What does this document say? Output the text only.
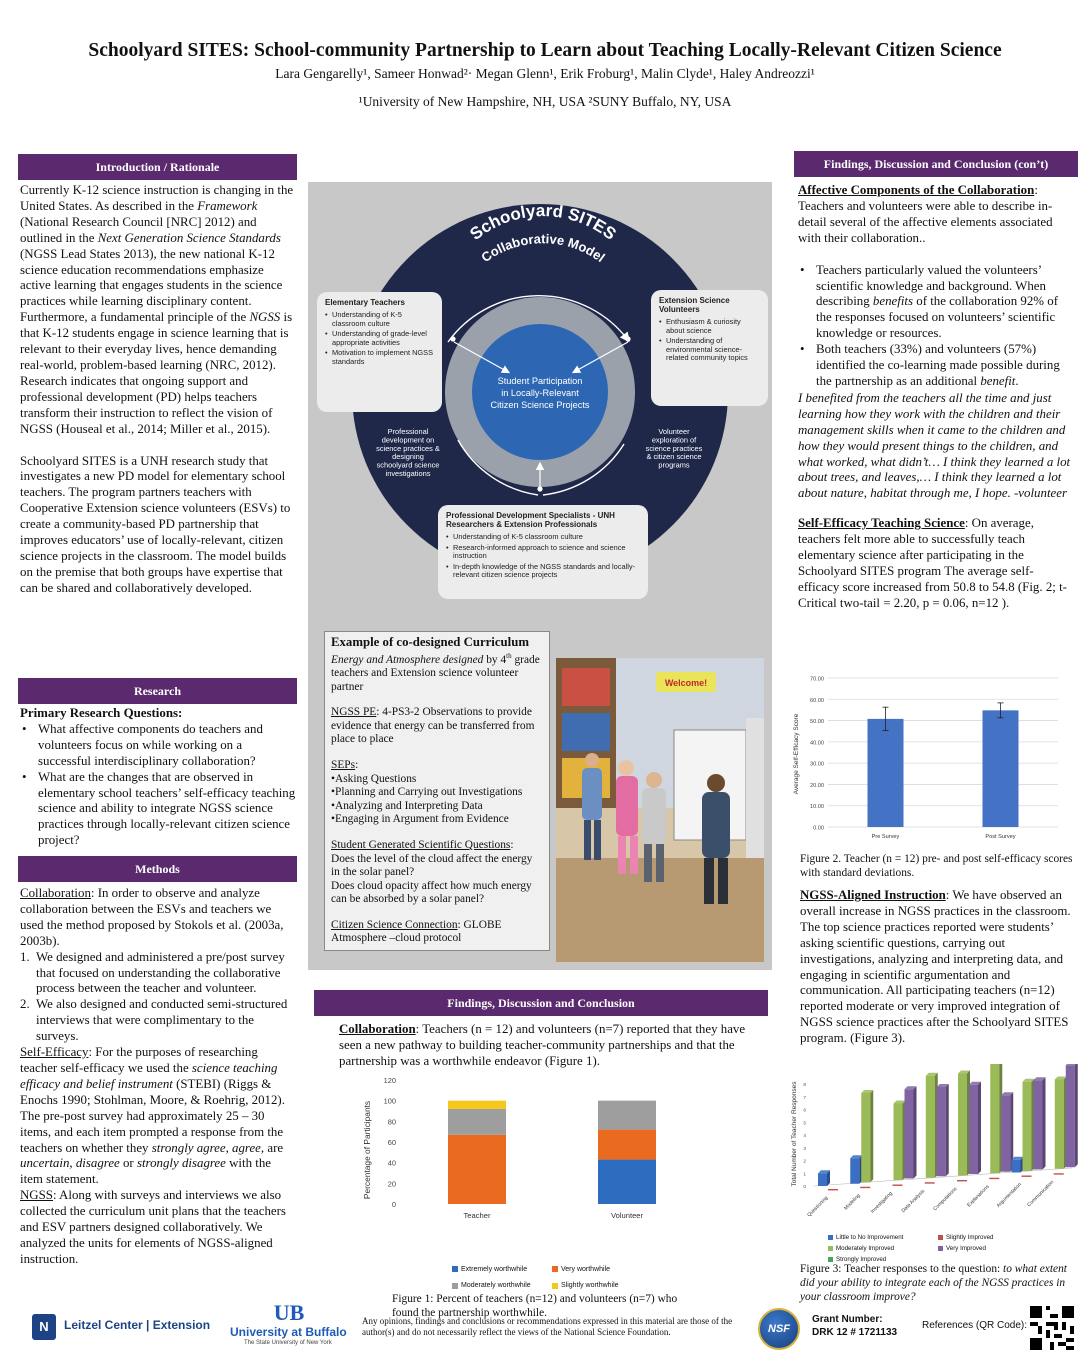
Schoolyard SITES: School-community Partnership to Learn about Teaching Locally-Relevant Citizen Science
Lara Gengarelly¹, Sameer Honwad²· Megan Glenn¹, Erik Froburg¹, Malin Clyde¹, Haley Andreozzi¹
¹University of New Hampshire, NH, USA ²SUNY Buffalo, NY, USA
Introduction / Rationale

Currently K-12 science instruction is changing in the United States. As described in the Framework (National Research Council [NRC] 2012) and outlined in the Next Generation Science Standards (NGSS Lead States 2013), the new national K-12 science education recommendations emphasize active learning that engages students in the science practices while learning disciplinary content. Furthermore, a fundamental principle of the NGSS is that K-12 students engage in science learning that is relevant to their everyday lives, hence demanding real-world, problem-based learning (NRC, 2012). Research indicates that ongoing support and professional development (PD) helps teachers transform their instruction to reflect the vision of NGSS (Houseal et al., 2014; Miller et al., 2015).

Schoolyard SITES is a UNH research study that investigates a new PD model for elementary school teachers. The program partners teachers with Cooperative Extension science volunteers (ESVs) to create a community-based PD partnership that improves educators’ use of locally-relevant, citizen science projects in the classroom. The model builds on the premise that both groups have expertise that can be shared and collaboratively developed.

Research

Primary Research Questions:

• What affective components do teachers and volunteers focus on while working on a successful interdisciplinary collaboration?
• What are the changes that are observed in elementary school teachers’ self-efficacy teaching science and ability to integrate NGSS science practices through locally-relevant citizen science project?
Methods

Collaboration: In order to observe and analyze collaboration between the ESVs and teachers we used the method proposed by Stokols et al. (2003a, 2003b).

1. We designed and administered a pre/post survey that focused on understanding the collaborative process between the teacher and volunteer.
2. We also designed and conducted semi-structured interviews that were complimentary to the surveys.

Self-Efficacy: For the purposes of researching teacher self-efficacy we used the science teaching efficacy and belief instrument (STEBI) (Riggs & Enochs 1990; Stohlman, Moore, & Roehrig, 2012). The pre-post survey had approximately 25 – 30 items, and each item prompted a response from the teachers on whether they strongly agree, agree, are uncertain, disagree or strongly disagree with the item statement.

NGSS: Along with surveys and interviews we also collected the curriculum unit plans that the teachers and ESV partners designed collaboratively. We analyzed the units for elements of NGSS-aligned instruction.

Schoolyard SITES
Collaborative Model
Student Participation
in Locally-Relevant
Citizen Science Projects
Professional
development on
science practices &
designing
schoolyard science
investigations
Volunteer
exploration of
science practices
& citizen science
programs
Elementary Teachers
• Understanding of K-5 classroom culture
• Understanding of grade-level appropriate activities
• Motivation to implement NGSS standards
Extension Science Volunteers
• Enthusiasm & curiosity about science
• Understanding of environmental science-related community topics
Professional Development Specialists - UNH Researchers & Extension Professionals
• Understanding of K-5 classroom culture
• Research-informed approach to science and science instruction
• In-depth knowledge of the NGSS standards and locally-relevant citizen science projects
Example of co-designed Curriculum
Energy and Atmosphere designed by 4th grade teachers and Extension science volunteer partner
NGSS PE: 4-PS3-2 Observations to provide evidence that energy can be transferred from place to place
SEPs:
•Asking Questions
•Planning and Carrying out Investigations
•Analyzing and Interpreting Data
•Engaging in Argument from Evidence
Student Generated Scientific Questions:
Does the level of the cloud affect the energy in the solar panel?
Does cloud opacity affect how much energy can be absorbed by a solar panel?
Citizen Science Connection: GLOBE Atmosphere –cloud protocol
Welcome!
Findings, Discussion and Conclusion

Collaboration: Teachers (n = 12) and volunteers (n=7) reported that they have seen a new pathway to building teacher-community partnerships and that the partnership was a worthwhile endeavor (Figure 1).

Percentage of Participants
0
20
40
60
80
100
120
Teacher	Volunteer
Extremely worthwhile	Very worthwhile

Moderately worthwhile	Slightly worthwhile
Figure 1: Percent of teachers (n=12) and volunteers (n=7) who found the partnership worthwhile.
Findings, Discussion and Conclusion (con’t)

Affective Components of the Collaboration: Teachers and volunteers were able to describe in-detail several of the affective elements associated with their collaboration..

• Teachers particularly valued the volunteers’ scientific knowledge and background. When describing benefits of the collaboration 92% of the responses focused on volunteers’ scientific knowledge or resources.
• Both teachers (33%) and volunteers (57%) identified the co-learning made possible during the partnership as an additional benefit.

I benefited from the teachers all the time and just learning how they work with the children and their management skills when it came to the children and how they would present things to the children, and what worked, what didn’t… I think they learned a lot about trees, and leaves,… I think they learned a lot about nature, habitat through me, I hope. -volunteer

Self-Efficacy Teaching Science: On average, teachers felt more able to successfully teach elementary science after participating in the Schoolyard SITES program The average self-efficacy score increased from 50.8 to 54.8 (Fig. 2; t-Critical two-tail = 2.20, p = 0.06, n=12 ).

Average Self-Efficacy Score
0.00
10.00
20.00
30.00
40.00
50.00
60.00
70.00
Pre Survey	Post Survey
Figure 2. Teacher (n = 12) pre- and post self-efficacy scores with standard deviations.

NGSS-Aligned Instruction: We have observed an overall increase in NGSS practices in the classroom. The top science practices reported were students’ asking scientific questions, carrying out investigations, analyzing and interpreting data, and engaging in scientific argumentation and communication. All participating teachers (n=12) reported moderate or very improved integration of NGSS science practices after the Schoolyard SITES program. (Figure 3).

Total Number of Teacher Responses
0
1
2
3
4
5
6
7
8
Questioning	Modeling Investigating Data Analysis Computations Explanations Argumentation Communication
Little to No Improvement	Slightly Improved

Moderately Improved	Very Improved

Strongly Improved
Figure 3: Teacher responses to the question: to what extent did your ability to integrate each of the NGSS practices in your classroom improve?
N	Leitzel Center | Extension	UB
University at Buffalo
The State University of New York
Any opinions, findings and conclusions or recommendations expressed in this material are those of the author(s) and do not necessarily reflect the views of the National Science Foundation.	NSF
Grant Number:
DRK 12 # 1721133
References (QR Code):
